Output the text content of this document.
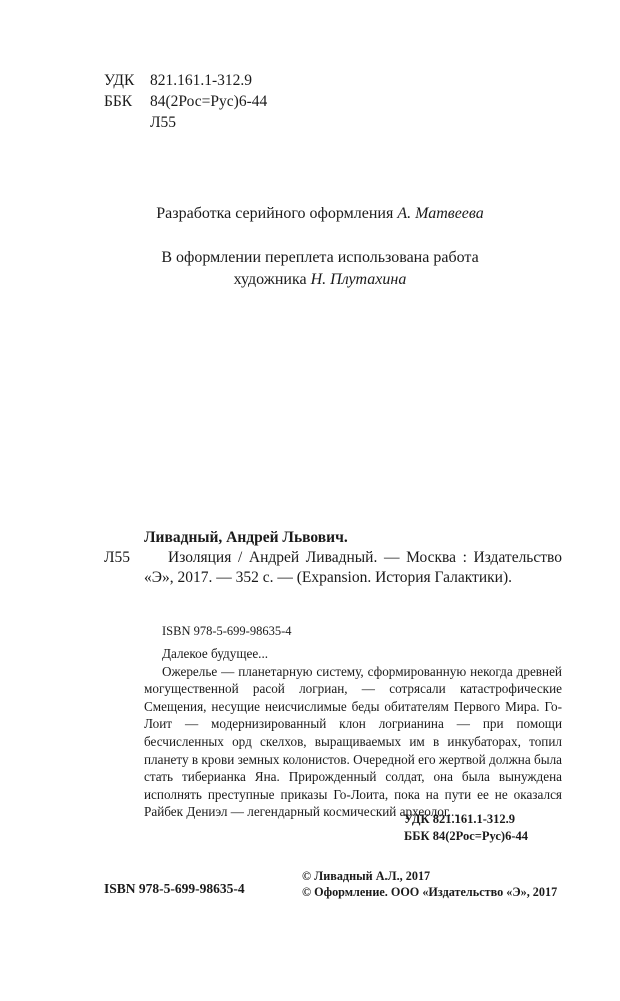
УДК	821.161.1-312.9
ББК	84(2Рос=Рус)6-44
Л55
Разработка серийного оформления А. Матвеева
В оформлении переплета использована работа
художника Н. Плутахина
Ливадный, Андрей Львович.
Л55	Изоляция / Андрей Ливадный. — Москва : Издательство «Э», 2017. — 352 с. — (Expansion. История Галактики).
ISBN 978-5-699-98635-4

Далекое будущее...

Ожерелье — планетарную систему, сформированную некогда древней могущественной расой логриан, — сотрясали катастрофические Смещения, несущие неисчислимые беды обитателям Первого Мира. Го-Лоит — модернизированный клон логрианина — при помощи бесчисленных орд скелхов, выращиваемых им в инкубаторах, топил планету в крови земных колонистов. Очередной его жертвой должна была стать тиберианка Яна. Прирожденный солдат, она была вынуждена исполнять преступные приказы Го-Лоита, пока на пути ее не оказался Райбек Дениэл — легендарный космический археолог...

УДК 821.161.1-312.9
ББК 84(2Рос=Рус)6-44
ISBN 978-5-699-98635-4
© Ливадный А.Л., 2017
© Оформление. ООО «Издательство «Э», 2017
